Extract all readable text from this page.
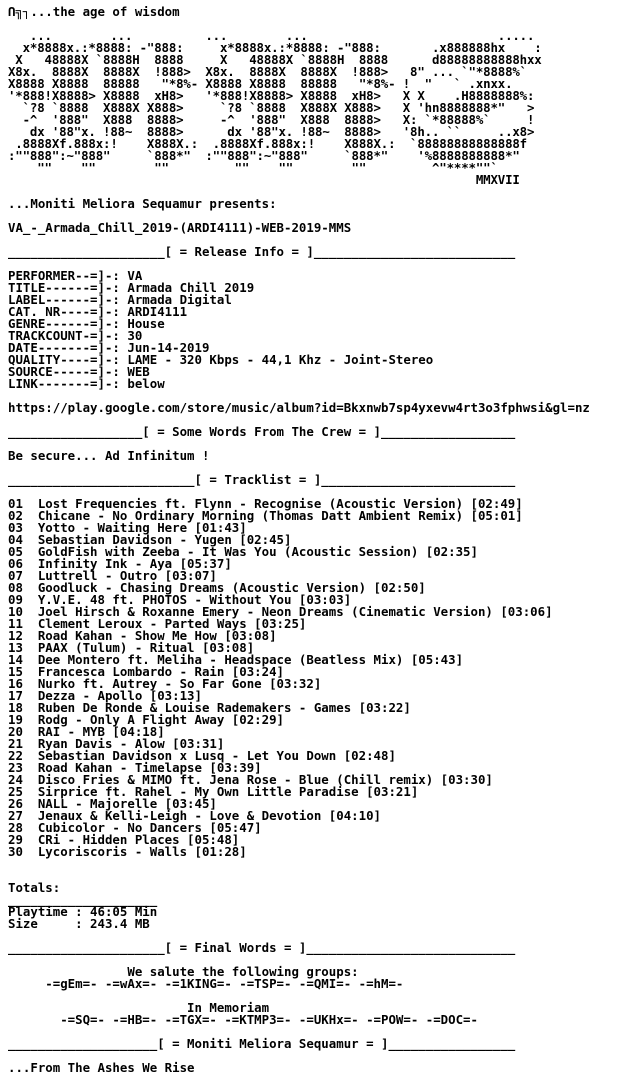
Ո╗┐...the age of wisdom

...        ...          ...        ...                          .....
x*8888x.:*8888: -"888:     x*8888x.:*8888: -"888:       .x888888hx    :
X   48888X `8888H  8888     X   48888X `8888H  8888      d88888888888hxx
X8x.  8888X  8888X  !888>  X8x.  8888X  8888X  !888>   8" ... `"*8888%`
X8888 X8888  88888   "*8%- X8888 X8888  88888   "*8%- !  "   ` .xnxx.
'*888!X8888> X8888  xH8>   '*888!X8888> X8888  xH8>   X X    .H8888888%:
`?8 `8888  X888X X888>     `?8 `8888  X888X X888>   X 'hn8888888*"   >
-^  '888"  X888  8888>     -^  '888"  X888  8888>   X: `*88888%`     !
dx '88"x. !88~  8888>      dx '88"x. !88~  8888>   '8h.. ``     ..x8>
.8888Xf.888x:!    X888X.:  .8888Xf.888x:!    X888X.:  `88888888888888f
:""888":~"888"     `888*"  :""888":~"888"     `888*"    '%8888888888*"
""    ""        ""         ""    ""        ""         ^"****""`
MMXVII

...Moniti Meliora Sequamur presents:

VA_-_Armada_Chill_2019-(ARDI4111)-WEB-2019-MMS

_____________________[ = Release Info = ]___________________________

PERFORMER--=]-: VA
TITLE------=]-: Armada Chill 2019
LABEL------=]-: Armada Digital
CAT. NR----=]-: ARDI4111
GENRE------=]-: House
TRACKCOUNT-=]-: 30
DATE-------=]-: Jun-14-2019
QUALITY----=]-: LAME - 320 Kbps - 44,1 Khz - Joint-Stereo
SOURCE-----=]-: WEB
LINK-------=]-: below

https://play.google.com/store/music/album?id=Bkxnwb7sp4yxevw4rt3o3fphwsi&gl=nz

__________________[ = Some Words From The Crew = ]__________________

Be secure... Ad Infinitum !

_________________________[ = Tracklist = ]__________________________

01  Lost Frequencies ft. Flynn - Recognise (Acoustic Version) [02:49]
02  Chicane - No Ordinary Morning (Thomas Datt Ambient Remix) [05:01]
03  Yotto - Waiting Here [01:43]
04  Sebastian Davidson - Yugen [02:45]
05  GoldFish with Zeeba - It Was You (Acoustic Session) [02:35]
06  Infinity Ink - Aya [05:37]
07  Luttrell - Outro [03:07]
08  Goodluck - Chasing Dreams (Acoustic Version) [02:50]
09  Y.V.E. 48 ft. PHOTOS - Without You [03:03]
10  Joel Hirsch & Roxanne Emery - Neon Dreams (Cinematic Version) [03:06]
11  Clement Leroux - Parted Ways [03:25]
12  Road Kahan - Show Me How [03:08]
13  PAAX (Tulum) - Ritual [03:08]
14  Dee Montero ft. Meliha - Headspace (Beatless Mix) [05:43]
15  Francesca Lombardo - Rain [03:24]
16  Nurko ft. Autrey - So Far Gone [03:32]
17  Dezza - Apollo [03:13]
18  Ruben De Ronde & Louise Rademakers - Games [03:22]
19  Rodg - Only A Flight Away [02:29]
20  RAI - MYB [04:18]
21  Ryan Davis - Alow [03:31]
22  Sebastian Davidson x Lusq - Let You Down [02:48]
23  Road Kahan - Timelapse [03:39]
24  Disco Fries & MIMO ft. Jena Rose - Blue (Chill remix) [03:30]
25  Sirprice ft. Rahel - My Own Little Paradise [03:21]
26  NALL - Majorelle [03:45]
27  Jenaux & Kelli-Leigh - Love & Devotion [04:10]
28  Cubicolor - No Dancers [05:47]
29  CRi - Hidden Places [05:48]
30  Lycoriscoris - Walls [01:28]

Totals:
____________________
Playtime : 46:05 Min
Size     : 243.4 MB

_____________________[ = Final Words = ]____________________________

We salute the following groups:
-=gEm=- -=wAx=- -=1KING=- -=TSP=- -=QMI=- -=hM=-

In Memoriam
-=SQ=- -=HB=- -=TGX=- -=KTMP3=- -=UKHx=- -=POW=- -=DOC=-

____________________[ = Moniti Meliora Sequamur = ]_________________

...From The Ashes We Rise
